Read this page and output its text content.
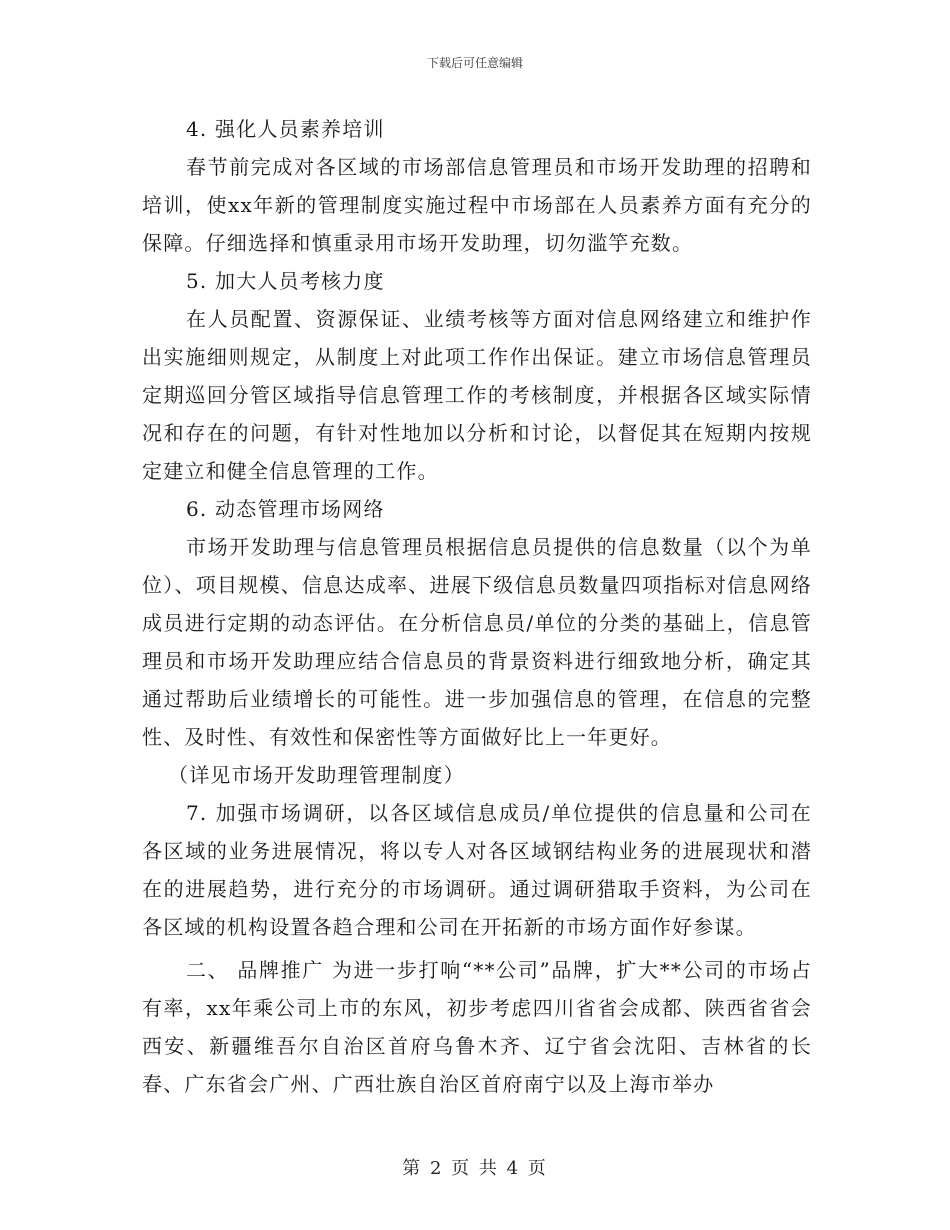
下载后可任意编辑

4. 强化人员素养培训

春节前完成对各区域的市场部信息管理员和市场开发助理的招聘和培训，使xx年新的管理制度实施过程中市场部在人员素养方面有充分的保障。仔细选择和慎重录用市场开发助理，切勿滥竽充数。

5. 加大人员考核力度

在人员配置、资源保证、业绩考核等方面对信息网络建立和维护作出实施细则规定，从制度上对此项工作作出保证。建立市场信息管理员定期巡回分管区域指导信息管理工作的考核制度，并根据各区域实际情况和存在的问题，有针对性地加以分析和讨论，以督促其在短期内按规定建立和健全信息管理的工作。

6. 动态管理市场网络

市场开发助理与信息管理员根据信息员提供的信息数量（以个为单位）、项目规模、信息达成率、进展下级信息员数量四项指标对信息网络成员进行定期的动态评估。在分析信息员/单位的分类的基础上，信息管理员和市场开发助理应结合信息员的背景资料进行细致地分析，确定其通过帮助后业绩增长的可能性。进一步加强信息的管理，在信息的完整性、及时性、有效性和保密性等方面做好比上一年更好。

（详见市场开发助理管理制度）

7. 加强市场调研，以各区域信息成员/单位提供的信息量和公司在各区域的业务进展情况，将以专人对各区域钢结构业务的进展现状和潜在的进展趋势，进行充分的市场调研。通过调研猎取手资料，为公司在各区域的机构设置各趋合理和公司在开拓新的市场方面作好参谋。

二、 品牌推广 为进一步打响“**公司”品牌，扩大**公司的市场占有率，xx年乘公司上市的东风，初步考虑四川省省会成都、陕西省省会西安、新疆维吾尔自治区首府乌鲁木齐、辽宁省会沈阳、吉林省的长春、广东省会广州、广西壮族自治区首府南宁以及上海市举办

第 2 页 共 4 页
